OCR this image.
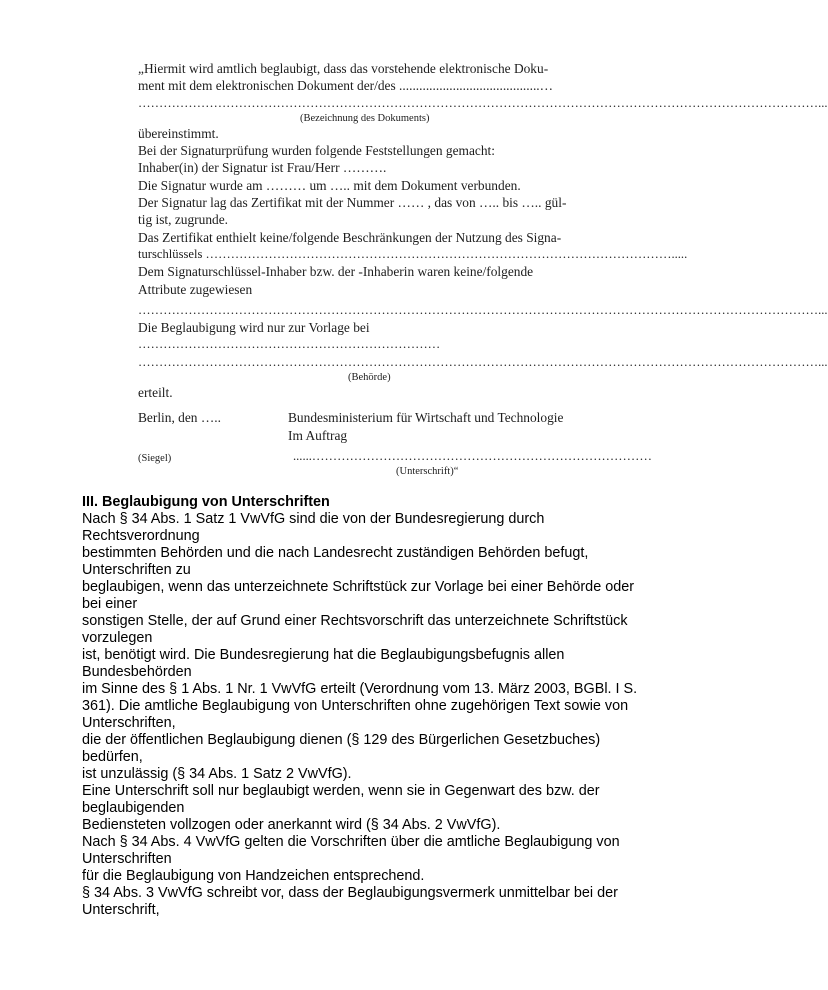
„Hiermit wird amtlich beglaubigt, dass das vorstehende elektronische Doku-
ment mit dem elektronischen Dokument der/des ..........................................…
………………………………………………………………………………………………………………………………………………...
(Bezeichnung des Dokuments)
übereinstimmt.
Bei der Signaturprüfung wurden folgende Feststellungen gemacht:
Inhaber(in) der Signatur ist Frau/Herr ……….
Die Signatur wurde am ……… um ….. mit dem Dokument verbunden.
Der Signatur lag das Zertifikat mit der Nummer …… , das von ….. bis ….. gül-
tig ist, zugrunde.
Das Zertifikat enthielt keine/folgende Beschränkungen der Nutzung des Signa-
turschlüssels ………………………………………………………………………………………………….....
Dem Signaturschlüssel-Inhaber bzw. der -Inhaberin waren keine/folgende
Attribute zugewiesen
………………………………………………………………………………………………………………………………………………...
Die Beglaubigung wird nur zur Vorlage bei
………………………………………………………………
………………………………………………………………………………………………………………………………………………...
(Behörde)
erteilt.
Berlin, den …..	Bundesministerium für Wirtschaft und Technologie
Im Auftrag
(Siegel)	......………………………………………………………………………
(Unterschrift)“
III. Beglaubigung von Unterschriften
Nach § 34 Abs. 1 Satz 1 VwVfG sind die von der Bundesregierung durch
Rechtsverordnung
bestimmten Behörden und die nach Landesrecht zuständigen Behörden befugt,
Unterschriften zu
beglaubigen, wenn das unterzeichnete Schriftstück zur Vorlage bei einer Behörde oder
bei einer
sonstigen Stelle, der auf Grund einer Rechtsvorschrift das unterzeichnete Schriftstück
vorzulegen
ist, benötigt wird. Die Bundesregierung hat die Beglaubigungsbefugnis allen
Bundesbehörden
im Sinne des § 1 Abs. 1 Nr. 1 VwVfG erteilt (Verordnung vom 13. März 2003, BGBl. I S.
361). Die amtliche Beglaubigung von Unterschriften ohne zugehörigen Text sowie von
Unterschriften,
die der öffentlichen Beglaubigung dienen (§ 129 des Bürgerlichen Gesetzbuches)
bedürfen,
ist unzulässig (§ 34 Abs. 1 Satz 2 VwVfG).
Eine Unterschrift soll nur beglaubigt werden, wenn sie in Gegenwart des bzw. der
beglaubigenden
Bediensteten vollzogen oder anerkannt wird (§ 34 Abs. 2 VwVfG).
Nach § 34 Abs. 4 VwVfG gelten die Vorschriften über die amtliche Beglaubigung von
Unterschriften
für die Beglaubigung von Handzeichen entsprechend.
§ 34 Abs. 3 VwVfG schreibt vor, dass der Beglaubigungsvermerk unmittelbar bei der
Unterschrift,
